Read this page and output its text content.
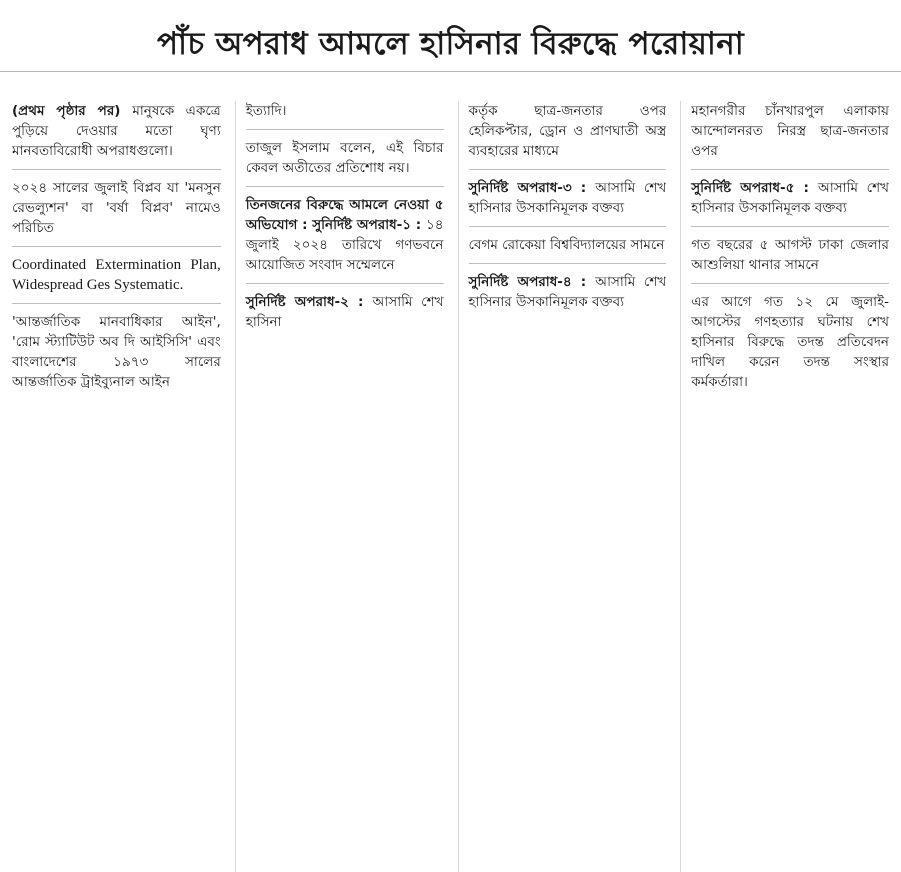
পাঁচ অপরাধ আমলে হাসিনার বিরুদ্ধে পরোয়ানা

(প্রথম পৃষ্ঠার পর) মানুষকে একত্রে পুড়িয়ে দেওয়ার মতো ঘৃণ্য মানবতাবিরোধী অপরাধগুলো।

২০২৪ সালের জুলাই বিপ্লব যা 'মনসুন রেভল্যুশন' বা 'বর্ষা বিপ্লব' নামেও পরিচিত

Coordinated Extermination Plan, Widespread Ges Systematic.

'আন্তর্জাতিক মানবাধিকার আইন', 'রোম স্ট্যাটিউট অব দি আইসিসি' এবং বাংলাদেশের ১৯৭৩ সালের আন্তর্জাতিক ট্রাইব্যুনাল আইন

ইত্যাদি।

তাজুল ইসলাম বলেন, এই বিচার কেবল অতীতের প্রতিশোধ নয়।

তিনজনের বিরুদ্ধে আমলে নেওয়া ৫ অভিযোগ : সুনির্দিষ্ট অপরাধ-১ : ১৪ জুলাই ২০২৪ তারিখে গণভবনে আয়োজিত সংবাদ সম্মেলনে

সুনির্দিষ্ট অপরাধ-২ : আসামি শেখ হাসিনা

কর্তৃক ছাত্র-জনতার ওপর হেলিকপ্টার, ড্রোন ও প্রাণঘাতী অস্ত্র ব্যবহারের মাধ্যমে

সুনির্দিষ্ট অপরাধ-৩ : আসামি শেখ হাসিনার উসকানিমূলক বক্তব্য

বেগম রোকেয়া বিশ্ববিদ্যালয়ের সামনে

সুনির্দিষ্ট অপরাধ-৪ : আসামি শেখ হাসিনার উসকানিমূলক বক্তব্য

মহানগরীর চাঁনখারপুল এলাকায় আন্দোলনরত নিরস্ত্র ছাত্র-জনতার ওপর

সুনির্দিষ্ট অপরাধ-৫ : আসামি শেখ হাসিনার উসকানিমূলক বক্তব্য

গত বছরের ৫ আগস্ট ঢাকা জেলার আশুলিয়া থানার সামনে

এর আগে গত ১২ মে জুলাই-আগস্টের গণহত্যার ঘটনায় শেখ হাসিনার বিরুদ্ধে তদন্ত প্রতিবেদন দাখিল করেন তদন্ত সংস্থার কর্মকর্তারা।
